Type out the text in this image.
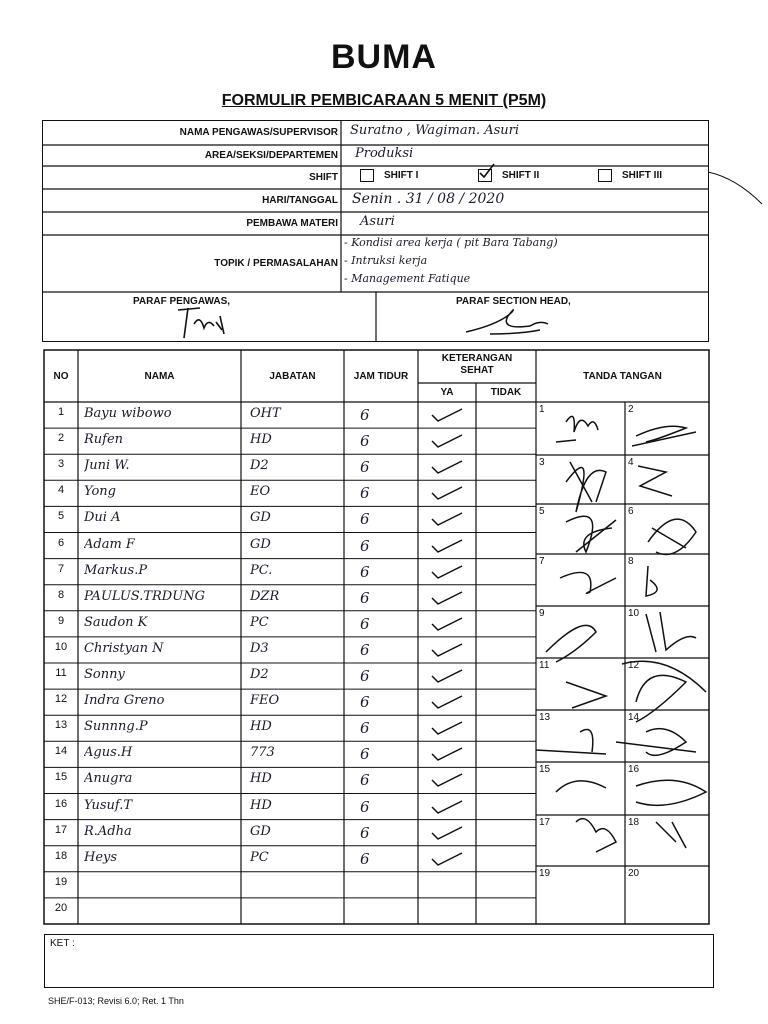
BUMA
FORMULIR PEMBICARAAN 5 MENIT (P5M)
NAMA PENGAWAS/SUPERVISOR Suratno , Wagiman. Asuri
AREA/SEKSI/DEPARTEMEN Produksi
SHIFT	SHIFT I	SHIFT II	SHIFT III
HARI/TANGGAL Senin . 31 / 08 / 2020
PEMBAWA MATERI Asuri
TOPIK / PERMASALAHAN
- Kondisi area kerja ( pit Bara Tabang)
- Intruksi kerja
- Management Fatique
PARAF PENGAWAS,	PARAF SECTION HEAD,
NO	NAMA	JABATAN	JAM TIDUR
KETERANGAN SEHAT
YA	TIDAK
TANDA TANGAN
1	Bayu wibowo	OHT	6
2	Rufen	HD	6
3	Juni W.	D2	6
4	Yong	EO	6
5	Dui A	GD	6
6	Adam F	GD	6
7	Markus.P	PC.	6
8	PAULUS.TRDUNG	DZR	6
9	Saudon K	PC	6
10	Christyan N	D3	6
11	Sonny	D2	6
12	Indra Greno	FEO	6
13	Sunnng.P	HD	6
14	Agus.H	773	6
15	Anugra	HD	6
16	Yusuf.T	HD	6
17	R.Adha	GD	6
18	Heys	PC	6
19
20
1	2
3	4
5	6
7	8
9	10
11	12
13	14
15	16
17	18
19	20
KET :
SHE/F-013; Revisi 6.0; Ret. 1 Thn
